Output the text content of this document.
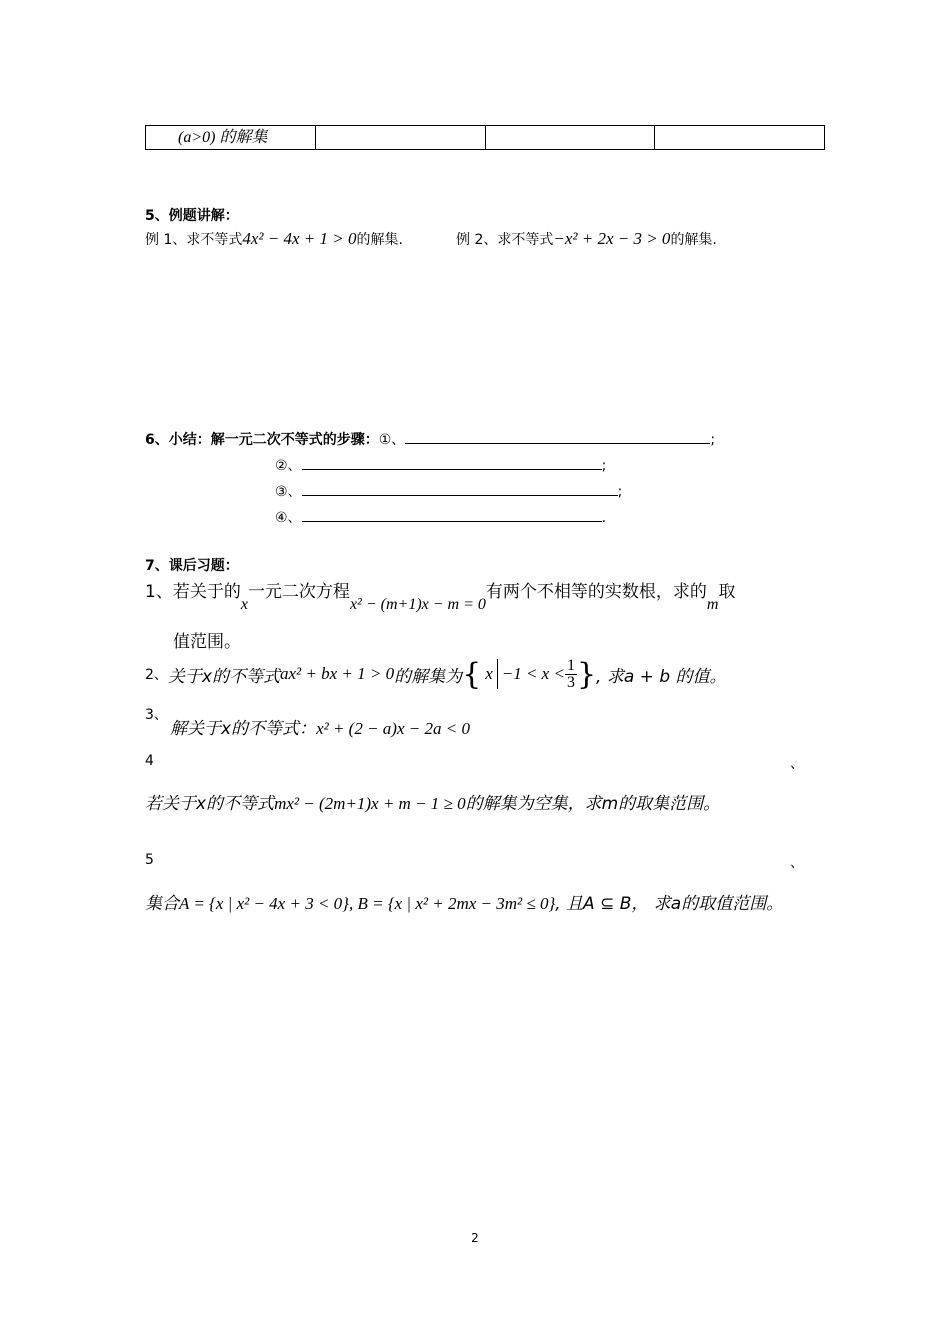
(a>0) 的解集
5、例题讲解：
例 1、求不等式4x² − 4x + 1 > 0的解集.	例 2、求不等式−x² + 2x − 3 > 0的解集.
6、小结：解一元二次不等式的步骤：①、	;
②、	;
③、	;
④、	.
7、课后习题：
1、若关于的x一元二次方程x² − (m+1)x − m = 0有两个不相等的实数根，求的m取
值范围。
2、 关于x的不等式 ax² + bx + 1 > 0 的解集为 { $x -1 < x < \frac{1}{3}$ } , 求a + b 的值。
3、
解关于x的不等式：x² + (2 − a)x − 2a < 0
4	、
若关于x的不等式mx² − (2m+1)x + m − 1 ≥ 0的解集为空集，求m的取集范围。
5	、
集合A = {x | x² − 4x + 3 < 0}, B = {x | x² + 2mx − 3m² ≤ 0}, 且A ⊆ B， 求a的取值范围。
2
